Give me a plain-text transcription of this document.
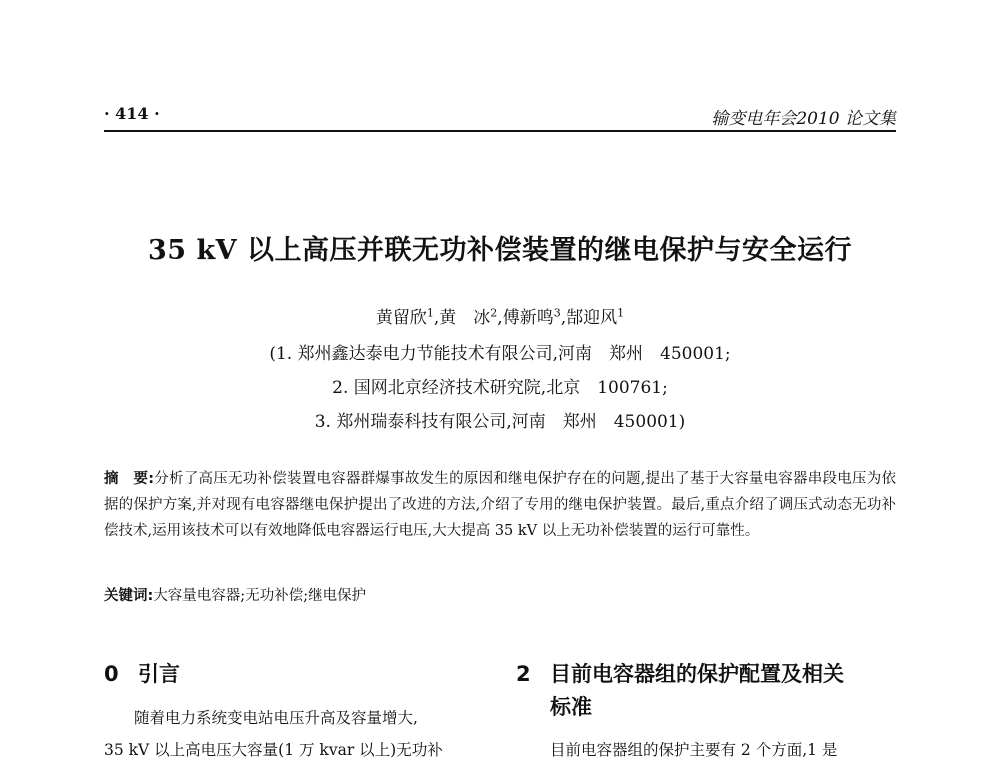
· 414 ·	输变电年会2010 论文集
35 kV 以上高压并联无功补偿装置的继电保护与安全运行
黄留欣$^1$,黄　冰$^2$,傅新鸣$^3$,郜迎风$^1$
(1. 郑州鑫达泰电力节能技术有限公司,河南　郑州　450001;
2. 国网北京经济技术研究院,北京　100761;
3. 郑州瑞泰科技有限公司,河南　郑州　450001)
摘　要:分析了高压无功补偿装置电容器群爆事故发生的原因和继电保护存在的问题,提出了基于大容量电容器串段电压为依据的保护方案,并对现有电容器继电保护提出了改进的方法,介绍了专用的继电保护装置。最后,重点介绍了调压式动态无功补偿技术,运用该技术可以有效地降低电容器运行电压,大大提高 35 kV 以上无功补偿装置的运行可靠性。
关键词:大容量电容器;无功补偿;继电保护
0 引言	2 目前电容器组的保护配置及相关
标准
随着电力系统变电站电压升高及容量增大,
35 kV 以上高电压大容量(1 万 kvar 以上)无功补	目前电容器组的保护主要有 2 个方面,1 是
